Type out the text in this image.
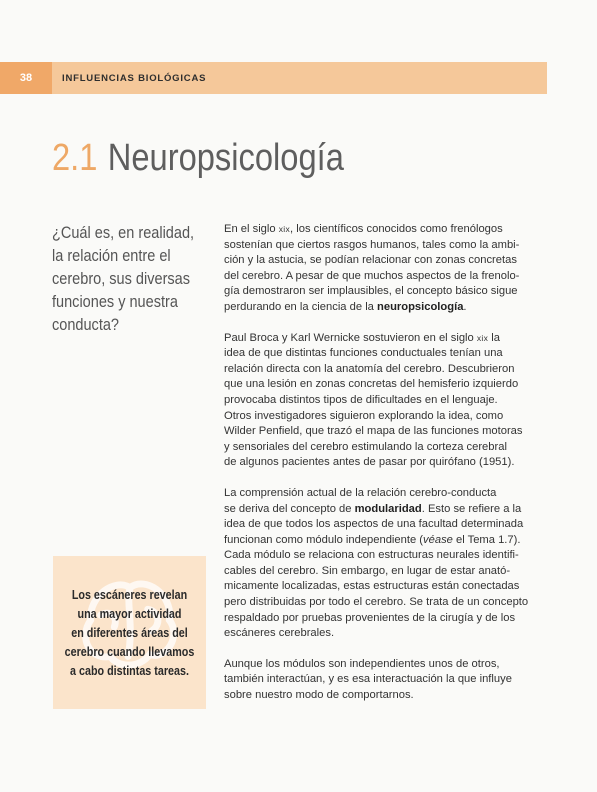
38	INFLUENCIAS BIOLÓGICAS
2.1 Neuropsicología
¿Cuál es, en realidad,
la relación entre el
cerebro, sus diversas
funciones y nuestra
conducta?
En el siglo xix, los científicos conocidos como frenólogos
sostenían que ciertos rasgos humanos, tales como la ambi-
ción y la astucia, se podían relacionar con zonas concretas
del cerebro. A pesar de que muchos aspectos de la frenolo-
gía demostraron ser implausibles, el concepto básico sigue
perdurando en la ciencia de la neuropsicología.
Paul Broca y Karl Wernicke sostuvieron en el siglo xix la
idea de que distintas funciones conductuales tenían una
relación directa con la anatomía del cerebro. Descubrieron
que una lesión en zonas concretas del hemisferio izquierdo
provocaba distintos tipos de dificultades en el lenguaje.
Otros investigadores siguieron explorando la idea, como
Wilder Penfield, que trazó el mapa de las funciones motoras
y sensoriales del cerebro estimulando la corteza cerebral
de algunos pacientes antes de pasar por quirófano (1951).
La comprensión actual de la relación cerebro-conducta
se deriva del concepto de modularidad. Esto se refiere a la
idea de que todos los aspectos de una facultad determinada
funcionan como módulo independiente (véase el Tema 1.7).
Cada módulo se relaciona con estructuras neurales identifi-
cables del cerebro. Sin embargo, en lugar de estar anató-
micamente localizadas, estas estructuras están conectadas
pero distribuidas por todo el cerebro. Se trata de un concepto
respaldado por pruebas provenientes de la cirugía y de los
escáneres cerebrales.
Aunque los módulos son independientes unos de otros,
también interactúan, y es esa interactuación la que influye
sobre nuestro modo de comportarnos.
Los escáneres revelan
una mayor actividad
en diferentes áreas del
cerebro cuando llevamos
a cabo distintas tareas.
